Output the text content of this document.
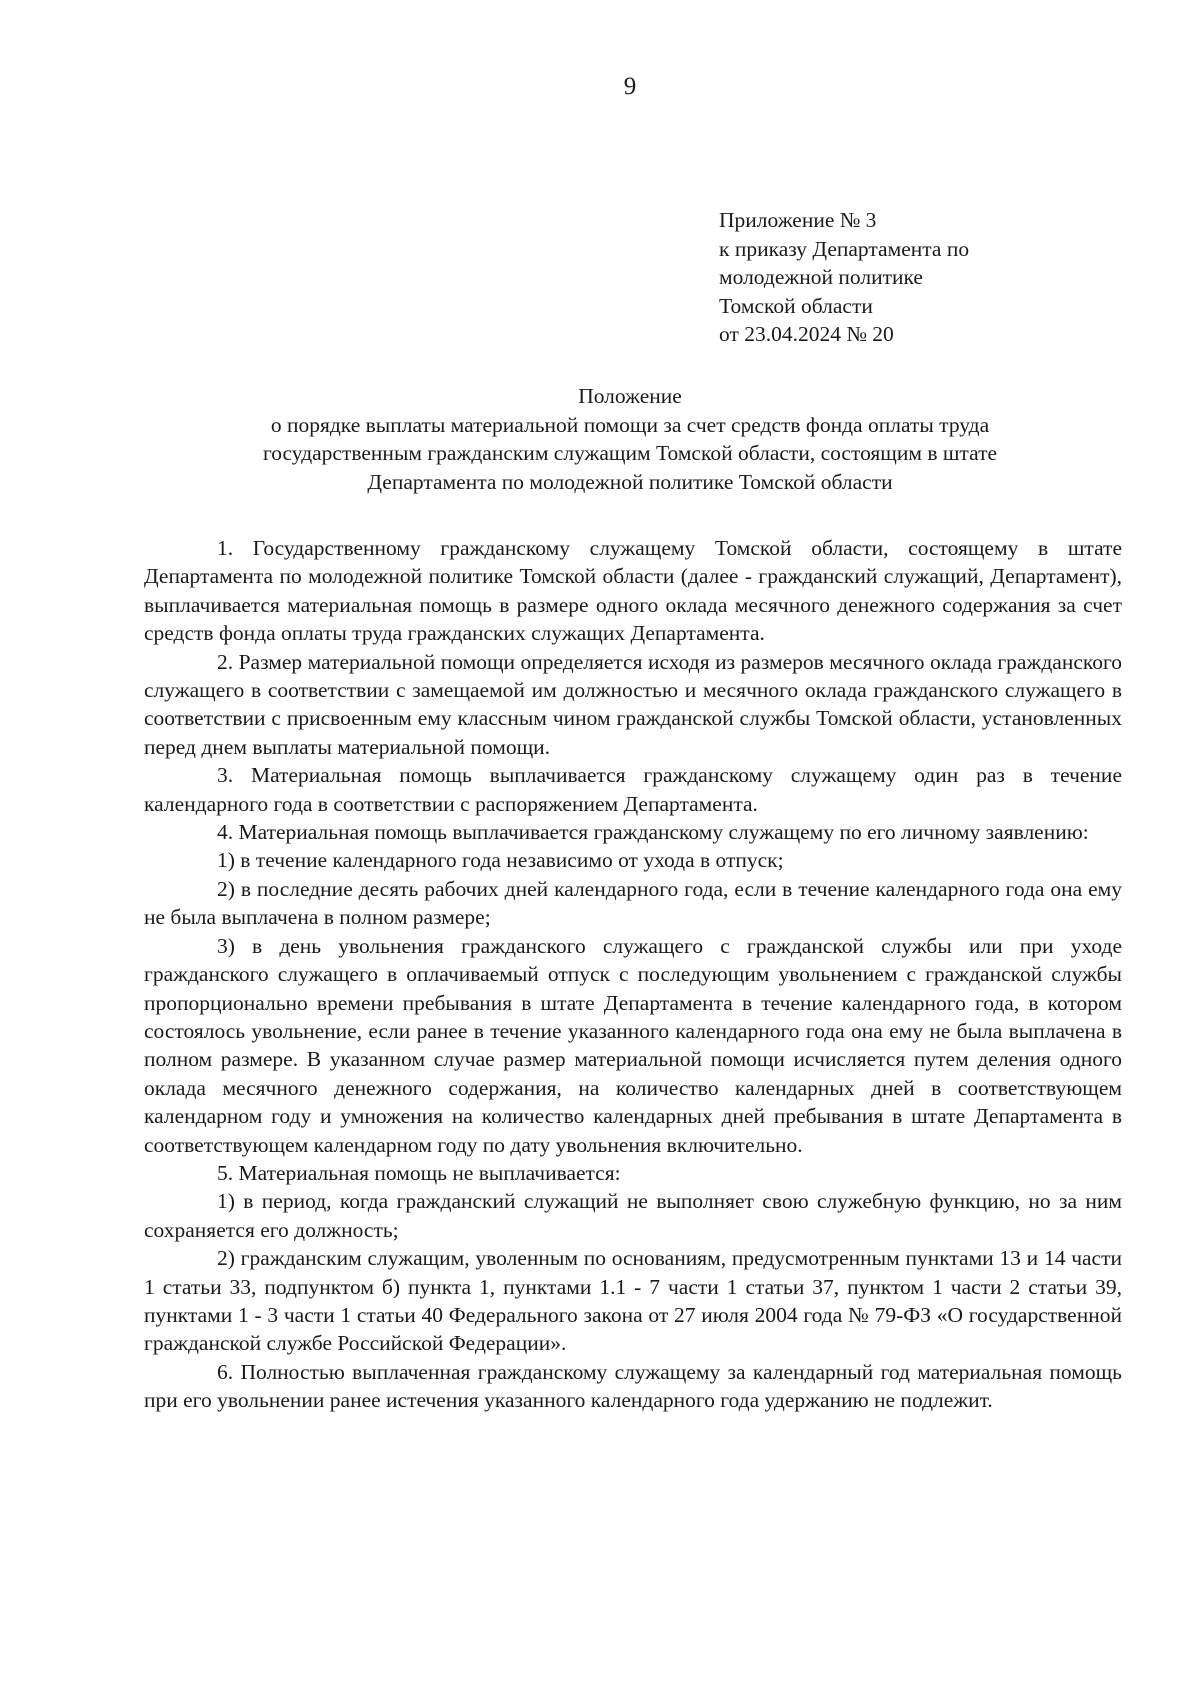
9
Приложение № 3
к приказу Департамента по
молодежной политике
Томской области
от 23.04.2024 № 20
Положение
о порядке выплаты материальной помощи за счет средств фонда оплаты труда
государственным гражданским служащим Томской области, состоящим в штате
Департамента по молодежной политике Томской области

1. Государственному гражданскому служащему Томской области, состоящему в штате Департамента по молодежной политике Томской области (далее - гражданский служащий, Департамент), выплачивается материальная помощь в размере одного оклада месячного денежного содержания за счет средств фонда оплаты труда гражданских служащих Департамента.

2. Размер материальной помощи определяется исходя из размеров месячного оклада гражданского служащего в соответствии с замещаемой им должностью и месячного оклада гражданского служащего в соответствии с присвоенным ему классным чином гражданской службы Томской области, установленных перед днем выплаты материальной помощи.

3. Материальная помощь выплачивается гражданскому служащему один раз в течение календарного года в соответствии с распоряжением Департамента.

4. Материальная помощь выплачивается гражданскому служащему по его личному заявлению:

1) в течение календарного года независимо от ухода в отпуск;

2) в последние десять рабочих дней календарного года, если в течение календарного года она ему не была выплачена в полном размере;

3) в день увольнения гражданского служащего с гражданской службы или при уходе гражданского служащего в оплачиваемый отпуск с последующим увольнением с гражданской службы пропорционально времени пребывания в штате Департамента в течение календарного года, в котором состоялось увольнение, если ранее в течение указанного календарного года она ему не была выплачена в полном размере. В указанном случае размер материальной помощи исчисляется путем деления одного оклада месячного денежного содержания, на количество календарных дней в соответствующем календарном году и умножения на количество календарных дней пребывания в штате Департамента в соответствующем календарном году по дату увольнения включительно.

5. Материальная помощь не выплачивается:

1) в период, когда гражданский служащий не выполняет свою служебную функцию, но за ним сохраняется его должность;

2) гражданским служащим, уволенным по основаниям, предусмотренным пунктами 13 и 14 части 1 статьи 33, подпунктом б) пункта 1, пунктами 1.1 - 7 части 1 статьи 37, пунктом 1 части 2 статьи 39, пунктами 1 - 3 части 1 статьи 40 Федерального закона от 27 июля 2004 года № 79-ФЗ «О государственной гражданской службе Российской Федерации».

6. Полностью выплаченная гражданскому служащему за календарный год материальная помощь при его увольнении ранее истечения указанного календарного года удержанию не подлежит.
